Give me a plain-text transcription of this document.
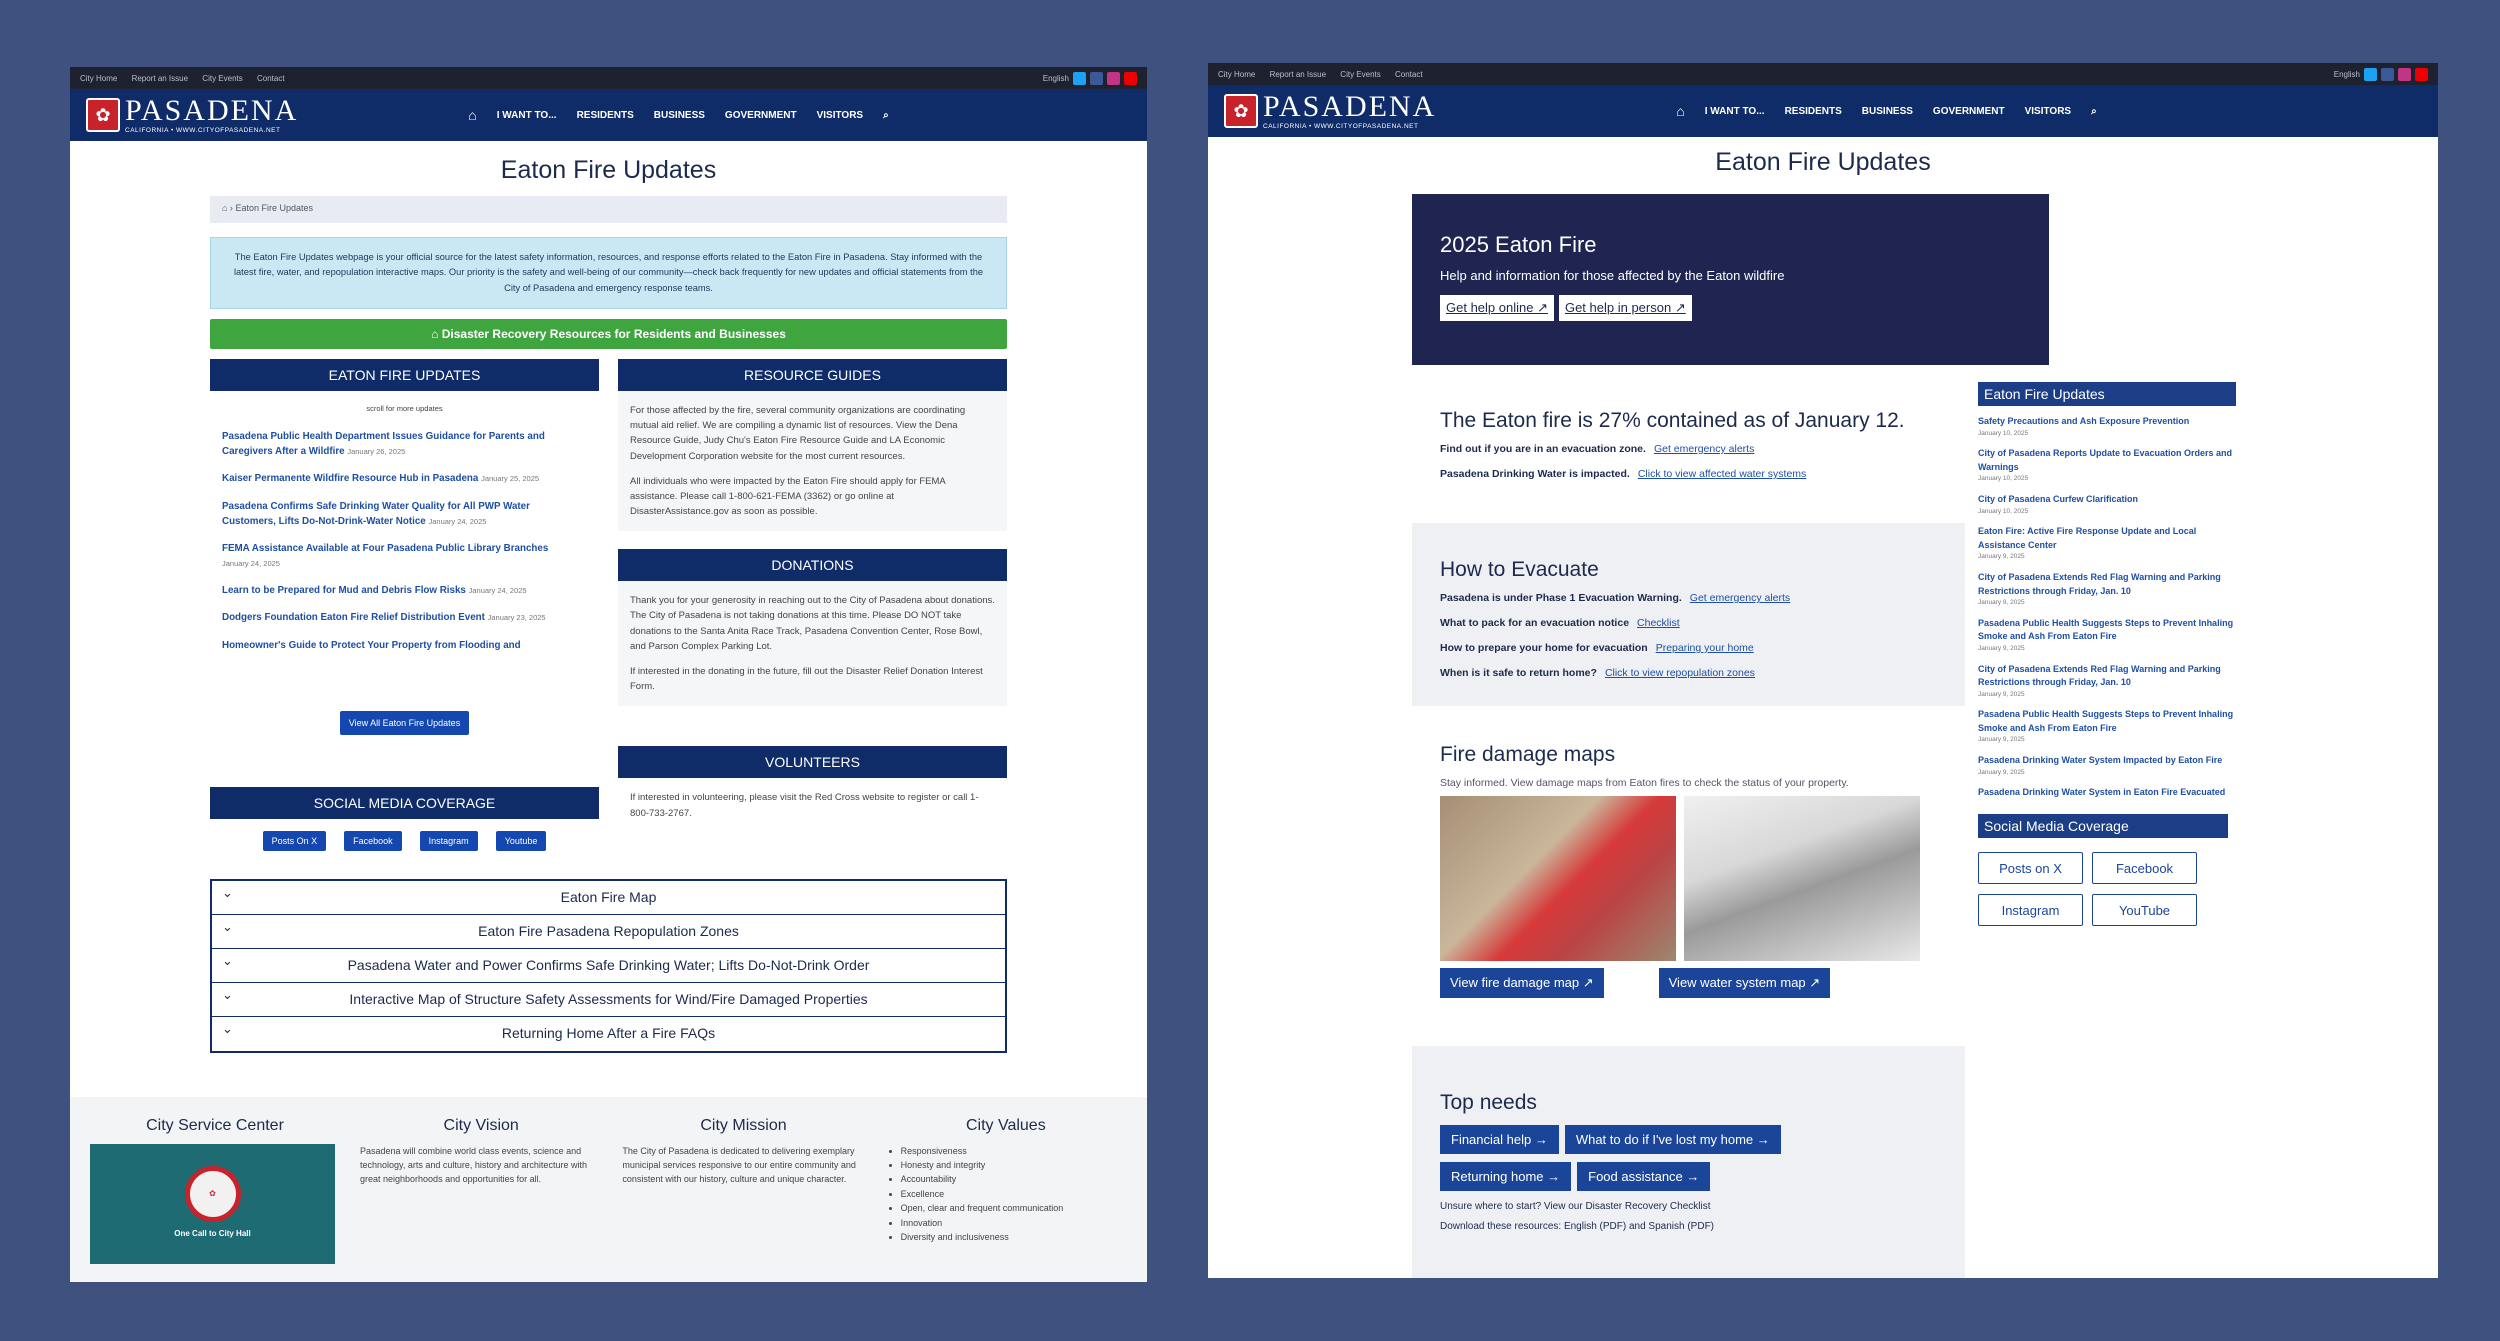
City Home Report an Issue City Events Contact	English
✿ PASADENA
CALIFORNIA • WWW.CITYOFPASADENA.NET
⌂ I WANT TO... RESIDENTS BUSINESS GOVERNMENT VISITORS ⌕
Eaton Fire Updates
⌂ › Eaton Fire Updates
The Eaton Fire Updates webpage is your official source for the latest safety information, resources, and response efforts related to the Eaton Fire in Pasadena. Stay informed with the latest fire, water, and repopulation interactive maps. Our priority is the safety and well-being of our community—check back frequently for new updates and official statements from the City of Pasadena and emergency response teams.
⌂ Disaster Recovery Resources for Residents and Businesses
EATON FIRE UPDATES
scroll for more updates
Pasadena Public Health Department Issues Guidance for Parents and Caregivers After a Wildfire January 26, 2025
Kaiser Permanente Wildfire Resource Hub in Pasadena January 25, 2025
Pasadena Confirms Safe Drinking Water Quality for All PWP Water Customers, Lifts Do-Not-Drink-Water Notice January 24, 2025
FEMA Assistance Available at Four Pasadena Public Library Branches January 24, 2025
Learn to be Prepared for Mud and Debris Flow Risks January 24, 2025
Dodgers Foundation Eaton Fire Relief Distribution Event January 23, 2025
Homeowner's Guide to Protect Your Property from Flooding and
View All Eaton Fire Updates
SOCIAL MEDIA COVERAGE
Posts On X	Facebook	Instagram	Youtube
RESOURCE GUIDES

For those affected by the fire, several community organizations are coordinating mutual aid relief. We are compiling a dynamic list of resources. View the Dena Resource Guide, Judy Chu's Eaton Fire Resource Guide and LA Economic Development Corporation website for the most current resources.

All individuals who were impacted by the Eaton Fire should apply for FEMA assistance. Please call 1-800-621-FEMA (3362) or go online at DisasterAssistance.gov as soon as possible.

DONATIONS

Thank you for your generosity in reaching out to the City of Pasadena about donations. The City of Pasadena is not taking donations at this time. Please DO NOT take donations to the Santa Anita Race Track, Pasadena Convention Center, Rose Bowl, and Parson Complex Parking Lot.

If interested in the donating in the future, fill out the Disaster Relief Donation Interest Form.

VOLUNTEERS
If interested in volunteering, please visit the Red Cross website to register or call 1-800-733-2767.
⌄ Eaton Fire Map
⌄ Eaton Fire Pasadena Repopulation Zones
⌄ Pasadena Water and Power Confirms Safe Drinking Water; Lifts Do-Not-Drink Order
⌄ Interactive Map of Structure Safety Assessments for Wind/Fire Damaged Properties
⌄ Returning Home After a Fire FAQs
City Service Center
✿
One Call to City Hall
City Vision

Pasadena will combine world class events, science and technology, arts and culture, history and architecture with great neighborhoods and opportunities for all.

City Mission

The City of Pasadena is dedicated to delivering exemplary municipal services responsive to our entire community and consistent with our history, culture and unique character.

City Values
• Responsiveness
• Honesty and integrity
• Accountability
• Excellence
• Open, clear and frequent communication
• Innovation
• Diversity and inclusiveness
City Home Report an Issue City Events Contact	English
✿ PASADENA
CALIFORNIA • WWW.CITYOFPASADENA.NET
⌂ I WANT TO... RESIDENTS BUSINESS GOVERNMENT VISITORS ⌕
Eaton Fire Updates
2025 Eaton Fire

Help and information for those affected by the Eaton wildfire

Get help online ↗ Get help in person ↗
The Eaton fire is 27% contained as of January 12.
Find out if you are in an evacuation zone. Get emergency alerts
Pasadena Drinking Water is impacted. Click to view affected water systems
How to Evacuate
Pasadena is under Phase 1 Evacuation Warning. Get emergency alerts
What to pack for an evacuation notice Checklist
How to prepare your home for evacuation Preparing your home
When is it safe to return home? Click to view repopulation zones
Fire damage maps

Stay informed. View damage maps from Eaton fires to check the status of your property.

View fire damage map ↗	View water system map ↗
Top needs
Financial help → What to do if I've lost my home →
Returning home → Food assistance →

Unsure where to start? View our Disaster Recovery Checklist

Download these resources: English (PDF) and Spanish (PDF)

Eaton Fire Updates
Safety Precautions and Ash Exposure Prevention
January 10, 2025
City of Pasadena Reports Update to Evacuation Orders and Warnings
January 10, 2025
City of Pasadena Curfew Clarification
January 10, 2025
Eaton Fire: Active Fire Response Update and Local Assistance Center
January 9, 2025
City of Pasadena Extends Red Flag Warning and Parking Restrictions through Friday, Jan. 10
January 9, 2025
Pasadena Public Health Suggests Steps to Prevent Inhaling Smoke and Ash From Eaton Fire
January 9, 2025
City of Pasadena Extends Red Flag Warning and Parking Restrictions through Friday, Jan. 10
January 9, 2025
Pasadena Public Health Suggests Steps to Prevent Inhaling Smoke and Ash From Eaton Fire
January 9, 2025
Pasadena Drinking Water System Impacted by Eaton Fire
January 9, 2025
Pasadena Drinking Water System in Eaton Fire Evacuated
Social Media Coverage
Posts on X	Facebook Instagram	YouTube
